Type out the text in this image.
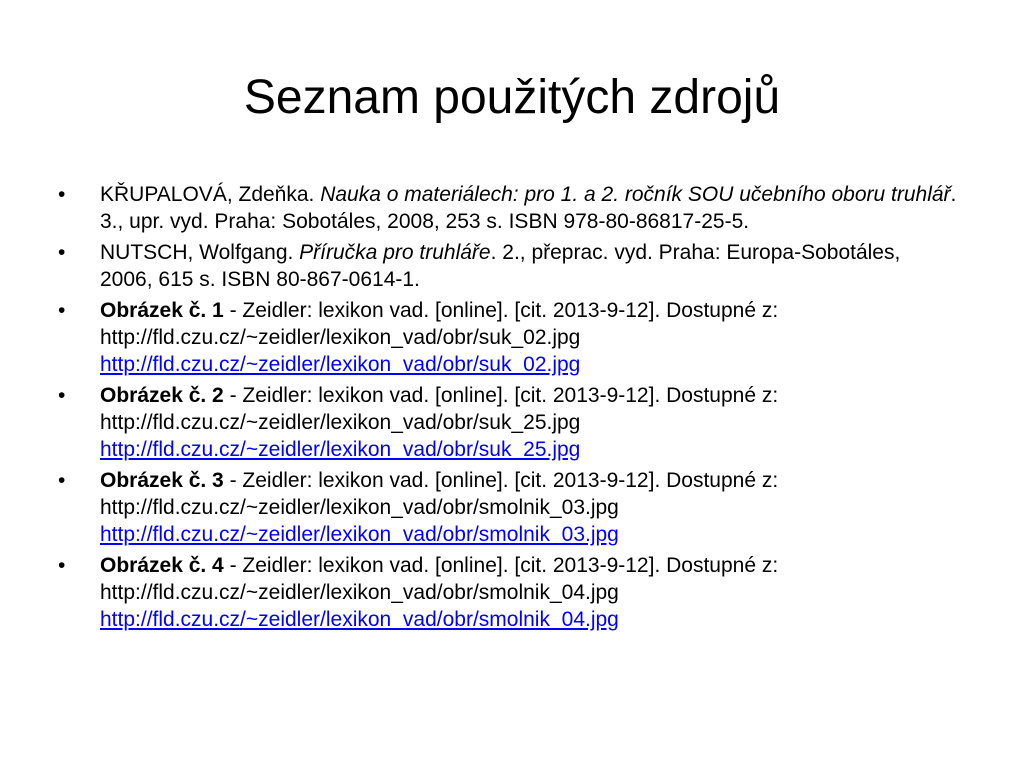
Seznam použitých zdrojů
•	KŘUPALOVÁ, Zdeňka. Nauka o materiálech: pro 1. a 2. ročník SOU učebního oboru truhlář. 3., upr. vyd. Praha: Sobotáles, 2008, 253 s. ISBN 978-80-86817-25-5.
•	NUTSCH, Wolfgang. Příručka pro truhláře. 2., přeprac. vyd. Praha: Europa-Sobotáles, 2006, 615 s. ISBN 80-867-0614-1.
•	Obrázek č. 1 - Zeidler: lexikon vad. [online]. [cit. 2013-9-12]. Dostupné z:
http://fld.czu.cz/~zeidler/lexikon_vad/obr/suk_02.jpg
http://fld.czu.cz/~zeidler/lexikon_vad/obr/suk_02.jpg
•	Obrázek č. 2 - Zeidler: lexikon vad. [online]. [cit. 2013-9-12]. Dostupné z:
http://fld.czu.cz/~zeidler/lexikon_vad/obr/suk_25.jpg
http://fld.czu.cz/~zeidler/lexikon_vad/obr/suk_25.jpg
•	Obrázek č. 3 - Zeidler: lexikon vad. [online]. [cit. 2013-9-12]. Dostupné z:
http://fld.czu.cz/~zeidler/lexikon_vad/obr/smolnik_03.jpg
http://fld.czu.cz/~zeidler/lexikon_vad/obr/smolnik_03.jpg
•	Obrázek č. 4 - Zeidler: lexikon vad. [online]. [cit. 2013-9-12]. Dostupné z:
http://fld.czu.cz/~zeidler/lexikon_vad/obr/smolnik_04.jpg
http://fld.czu.cz/~zeidler/lexikon_vad/obr/smolnik_04.jpg
